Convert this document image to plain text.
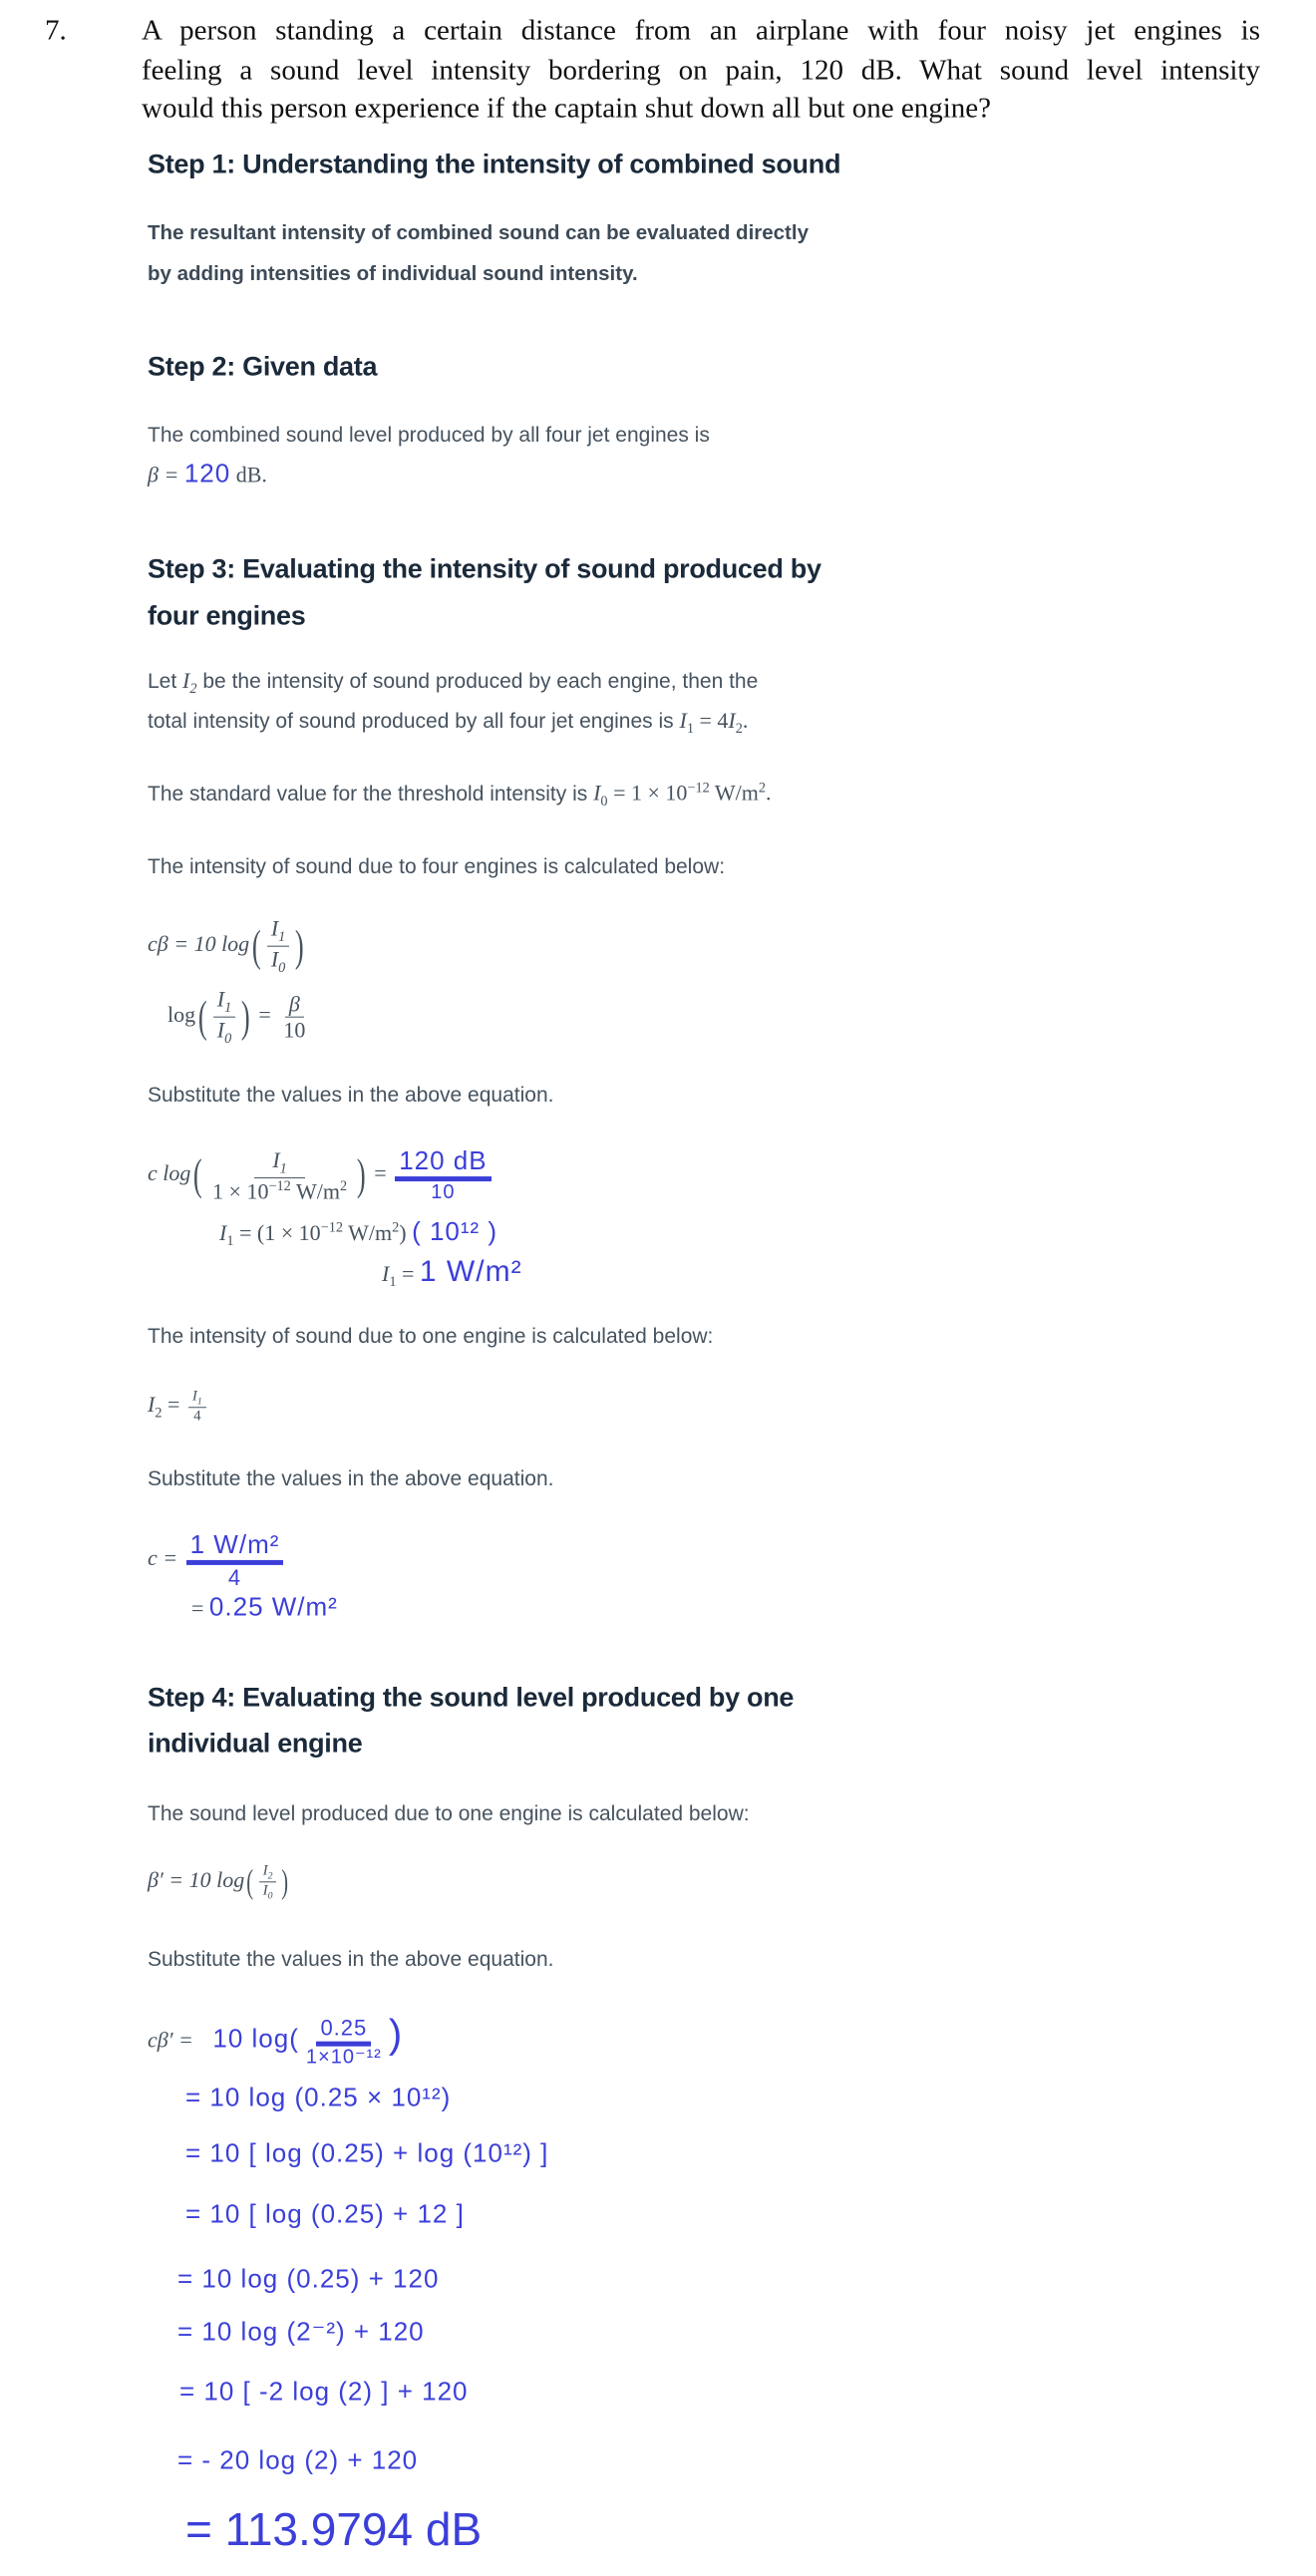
7.	A person standing a certain distance from an airplane with four noisy jet engines is
feeling a sound level intensity bordering on pain, 120 dB. What sound level intensity
would this person experience if the captain shut down all but one engine?
Step 1: Understanding the intensity of combined sound
The resultant intensity of combined sound can be evaluated directly
by adding intensities of individual sound intensity.
Step 2: Given data
The combined sound level produced by all four jet engines is
β = 120 dB.
Step 3: Evaluating the intensity of sound produced by
four engines
Let $I_2$ be the intensity of sound produced by each engine, then the
total intensity of sound produced by all four jet engines is $I_1 = 4I_2$.
The standard value for the threshold intensity is $I_0 = 1 \times 10^{-12}$ $W/m^2$.
The intensity of sound due to four engines is calculated below:
cβ = 10 $\log( \frac{I_1}{I_0}$ )
$\log( \frac{I_1}{I_0}$ ) = $\frac{\beta}{10}$
Substitute the values in the above equation.
c $\log( \frac{I_1}{1 \times 10^{-12} W/m^2}$ ) = 120 dB
10
$I_1 = (1 \times 10^{-12}$ $W/m^2$) ( 10¹² )
$I_1 = 1$ W/m²
The intensity of sound due to one engine is calculated below:
$I_2 = \frac{I_1}{4}$
Substitute the values in the above equation.
c = 1 W/m²
4
= 0.25 W/m²
Step 4: Evaluating the sound level produced by one
individual engine
The sound level produced due to one engine is calculated below:
β′ = 10 $\log( \frac{I_2}{I_0}$ )
Substitute the values in the above equation.
cβ′ = 10 $\log( \frac{0.25}{\text{1×10⁻¹²}}$ )
= 10 log (0.25 × 10¹²)
= 10 [ log (0.25) + log (10¹²) ]
= 10 [ log (0.25) + 12 ]
= 10 log (0.25) + 120
= 10 log (2⁻²) + 120
= 10 [ -2 log (2) ] + 120
= - 20 log (2) + 120
= 113.9794 dB
